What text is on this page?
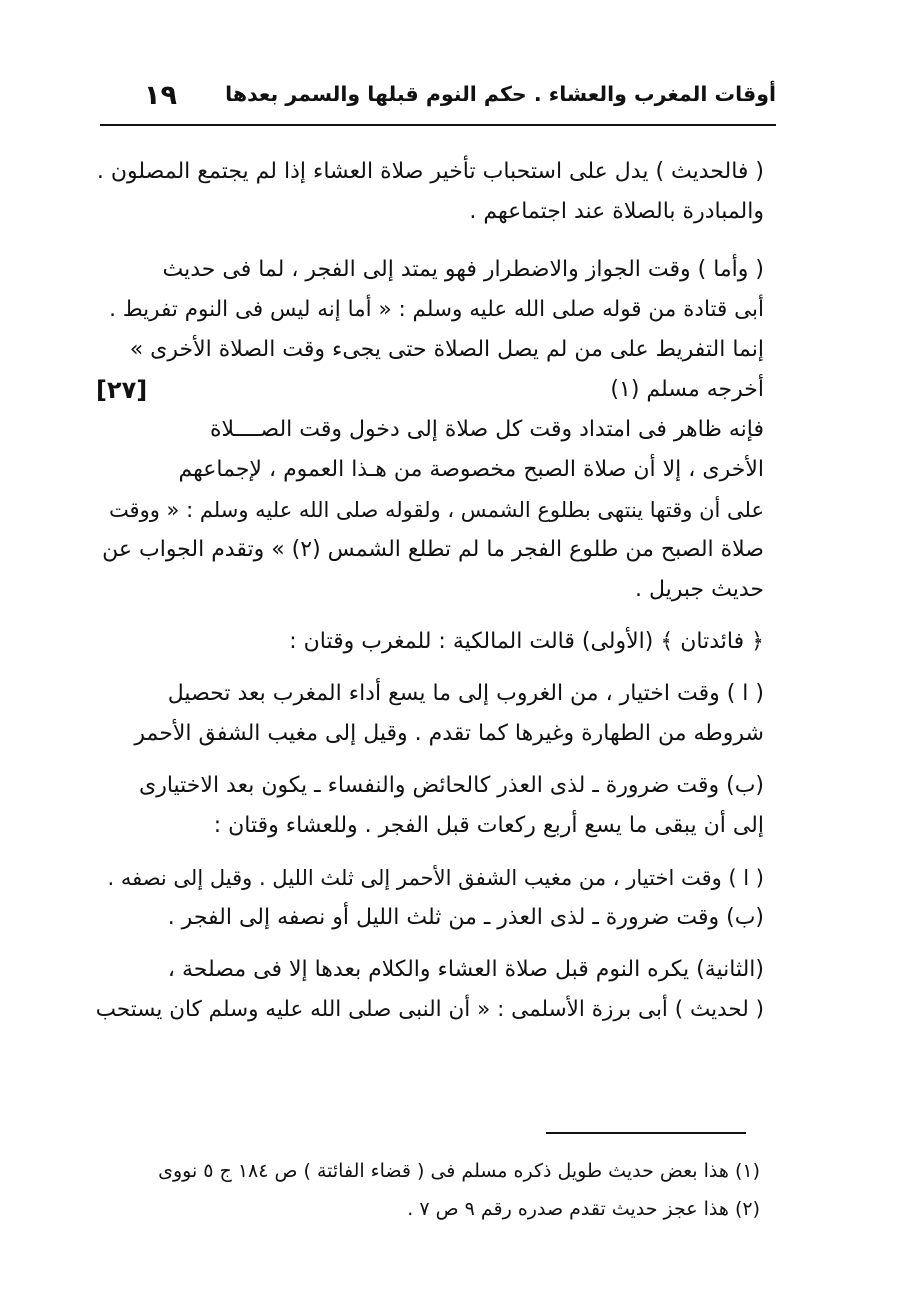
أوقات المغرب والعشاء . حكم النوم قبلها والسمر بعدها
١٩
( فالحديث ) يدل على استحباب تأخير صلاة العشاء إذا لم يجتمع المصلون .
والمبادرة بالصلاة عند اجتماعهم .
( وأما ) وقت الجواز والاضطرار فهو يمتد إلى الفجر ، لما فى حديث
أبى قتادة من قوله صلى الله عليه وسلم : « أما إنه ليس فى النوم تفريط .
إنما التفريط على من لم يصل الصلاة حتى يجىء وقت الصلاة الأخرى »
أخرجه مسلم (١)
[٢٧]
فإنه ظاهر فى امتداد وقت كل صلاة إلى دخول وقت الصــــلاة
الأخرى ، إلا أن صلاة الصبح مخصوصة من هـذا العموم ، لإجماعهم
على أن وقتها ينتهى بطلوع الشمس ، ولقوله صلى الله عليه وسلم : « ووقت
صلاة الصبح من طلوع الفجر ما لم تطلع الشمس (٢) » وتقدم الجواب عن
حديث جبريل .
﴿ فائدتان ﴾ (الأولى) قالت المالكية : للمغرب وقتان :
( ا ) وقت اختيار ، من الغروب إلى ما يسع أداء المغرب بعد تحصيل
شروطه من الطهارة وغيرها كما تقدم . وقيل إلى مغيب الشفق الأحمر
(ب) وقت ضرورة ـ لذى العذر كالحائض والنفساء ـ يكون بعد الاختيارى
إلى أن يبقى ما يسع أربع ركعات قبل الفجر . وللعشاء وقتان :
( ا ) وقت اختيار ، من مغيب الشفق الأحمر إلى ثلث الليل . وقيل إلى نصفه .
(ب) وقت ضرورة ـ لذى العذر ـ من ثلث الليل أو نصفه إلى الفجر .
(الثانية) يكره النوم قبل صلاة العشاء والكلام بعدها إلا فى مصلحة ،
( لحديث ) أبى برزة الأسلمى : « أن النبى صلى الله عليه وسلم كان يستحب
(١) هذا بعض حديث طويل ذكره مسلم فى ( قضاء الفائتة ) ص ١٨٤ ج ٥ نووى
(٢) هذا عجز حديث تقدم صدره رقم ٩ ص ٧ .
